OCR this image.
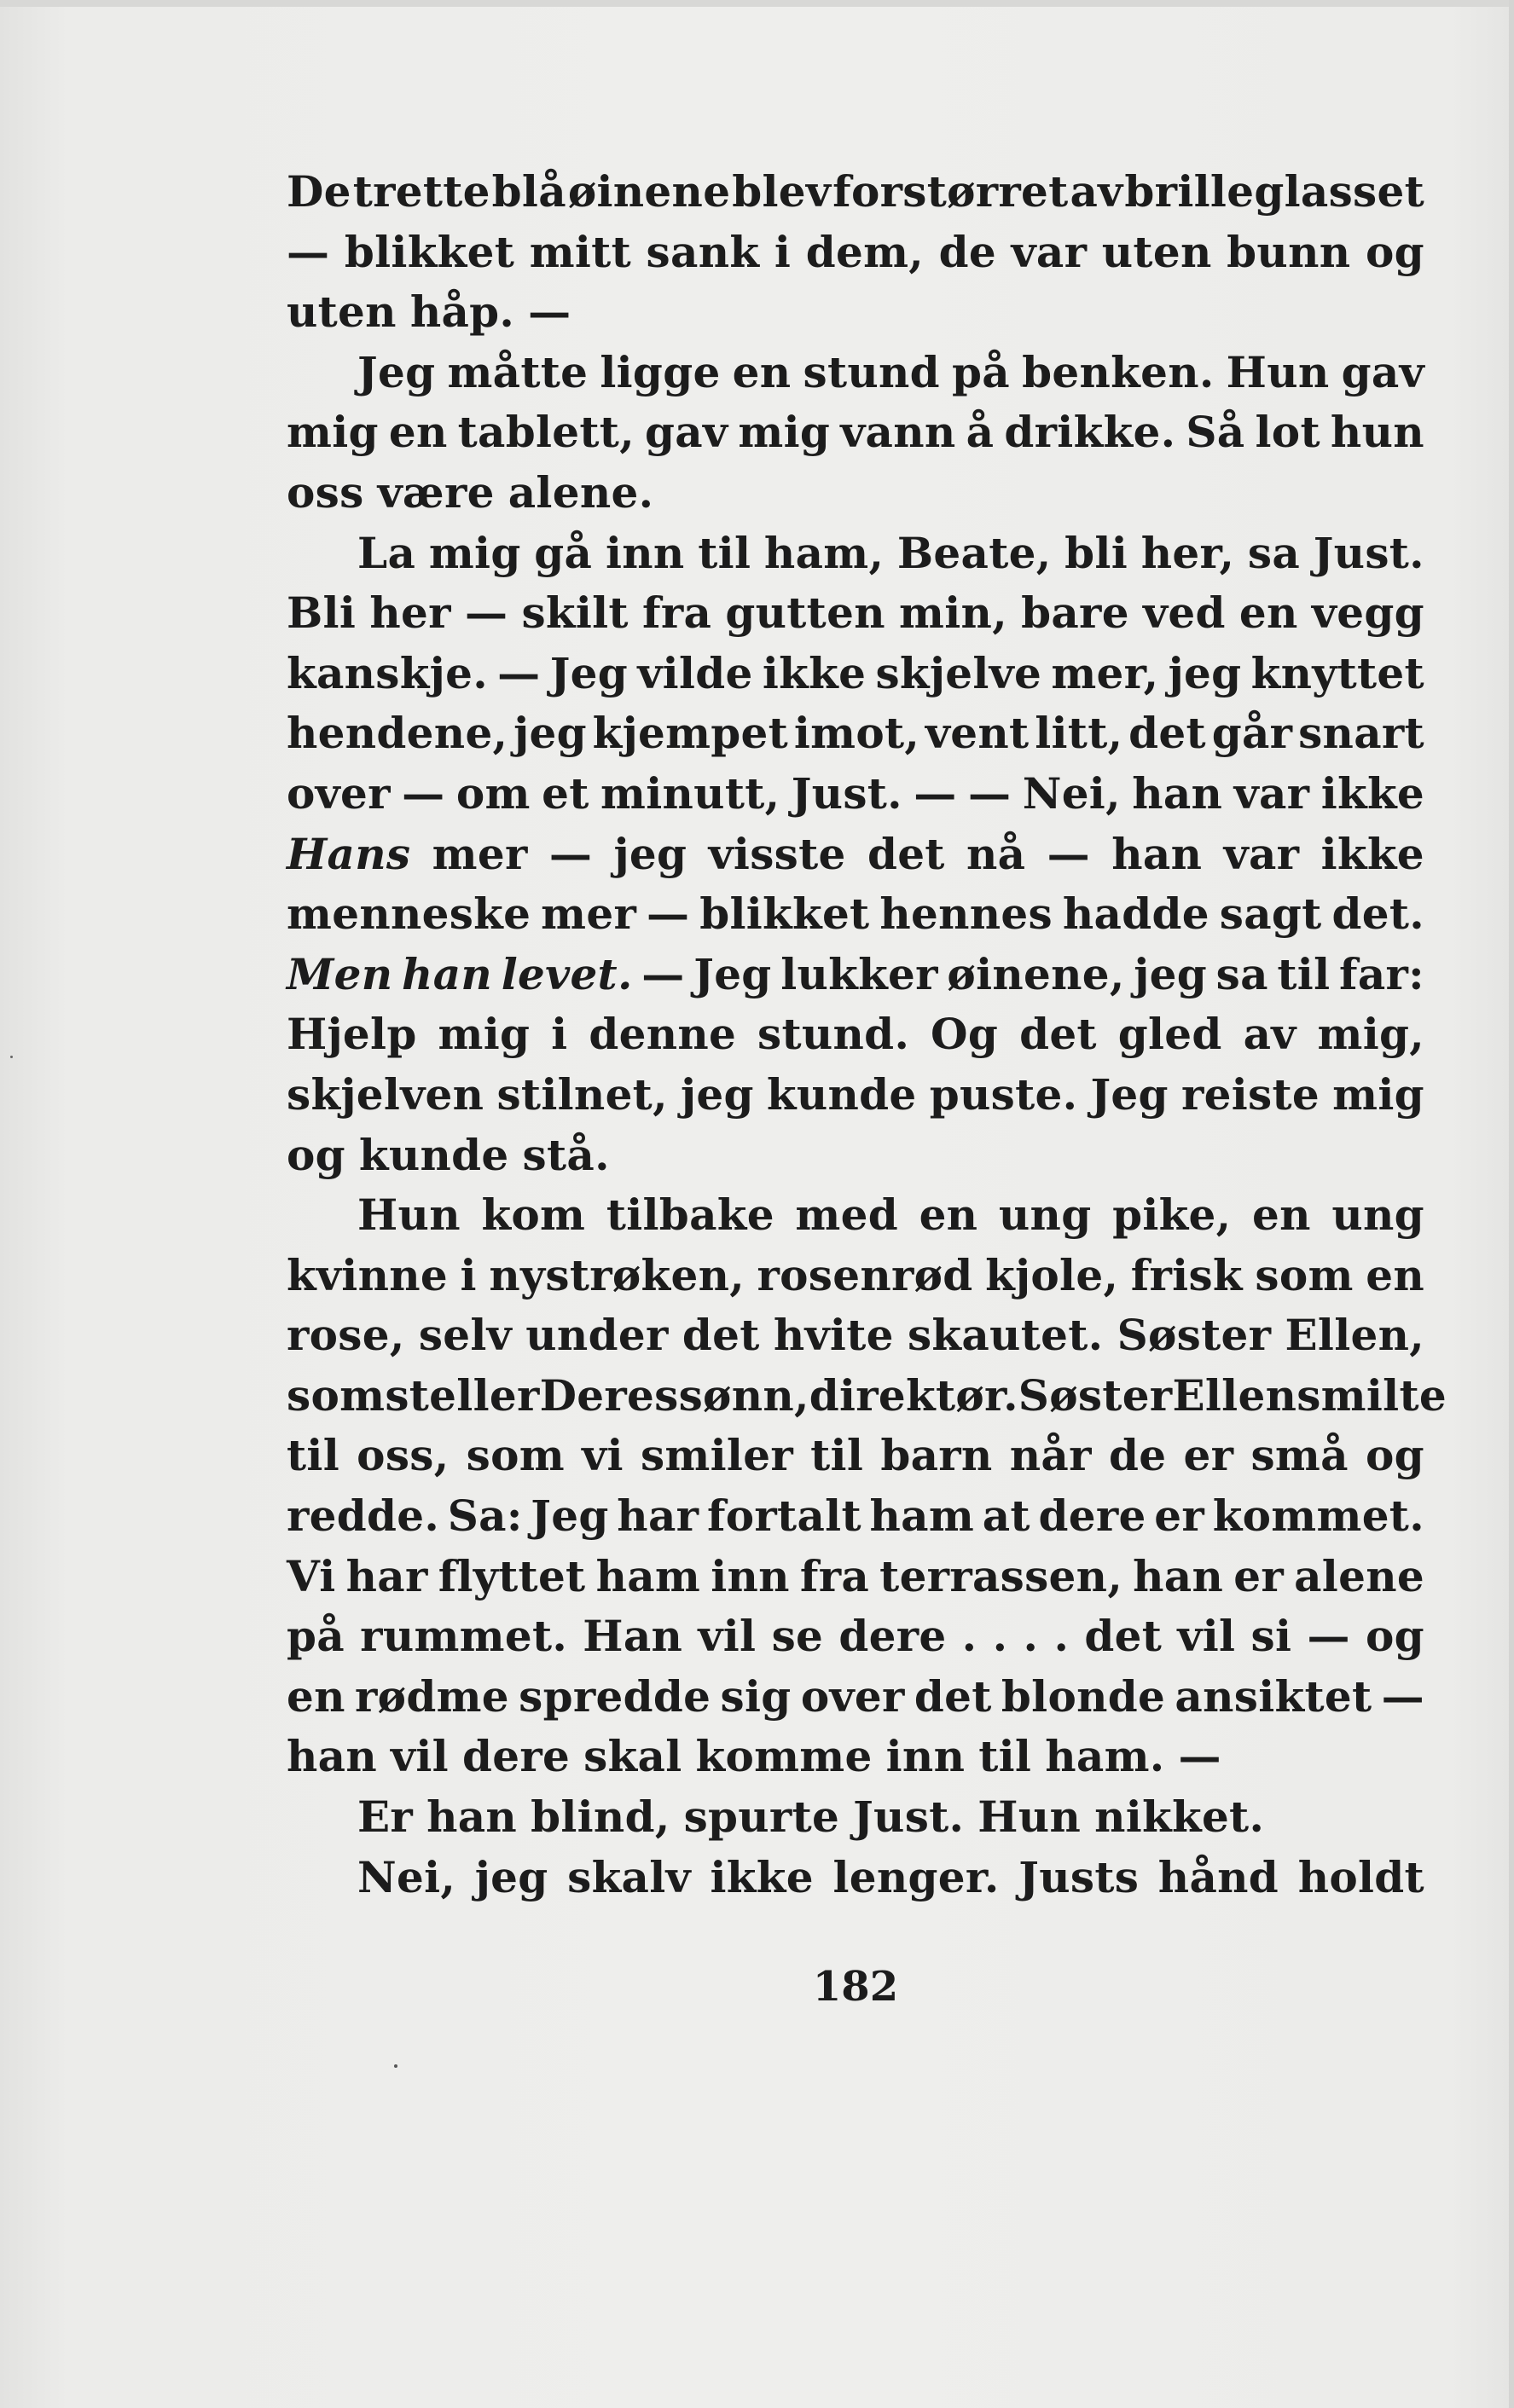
De trette blå øinene blev forstørret av brilleglasset
— blikket mitt sank i dem, de var uten bunn og
uten håp. —
Jeg måtte ligge en stund på benken. Hun gav
mig en tablett, gav mig vann å drikke. Så lot hun
oss være alene.
La mig gå inn til ham, Beate, bli her, sa Just.
Bli her — skilt fra gutten min, bare ved en vegg
kanskje. — Jeg vilde ikke skjelve mer, jeg knyttet
hendene, jeg kjempet imot, vent litt, det går snart
over — om et minutt, Just. — — Nei, han var ikke
Hans mer — jeg visste det nå — han var ikke
menneske mer — blikket hennes hadde sagt det.
Men han levet. — Jeg lukker øinene, jeg sa til far:
Hjelp mig i denne stund. Og det gled av mig,
skjelven stilnet, jeg kunde puste. Jeg reiste mig
og kunde stå.
Hun kom tilbake med en ung pike, en ung
kvinne i nystrøken, rosenrød kjole, frisk som en
rose, selv under det hvite skautet. Søster Ellen,
som steller Deres sønn, direktør. Søster Ellen smilte
til oss, som vi smiler til barn når de er små og
redde. Sa: Jeg har fortalt ham at dere er kommet.
Vi har flyttet ham inn fra terrassen, han er alene
på rummet. Han vil se dere . . . . det vil si — og
en rødme spredde sig over det blonde ansiktet —
han vil dere skal komme inn til ham. —
Er han blind, spurte Just. Hun nikket.
Nei, jeg skalv ikke lenger. Justs hånd holdt
182
